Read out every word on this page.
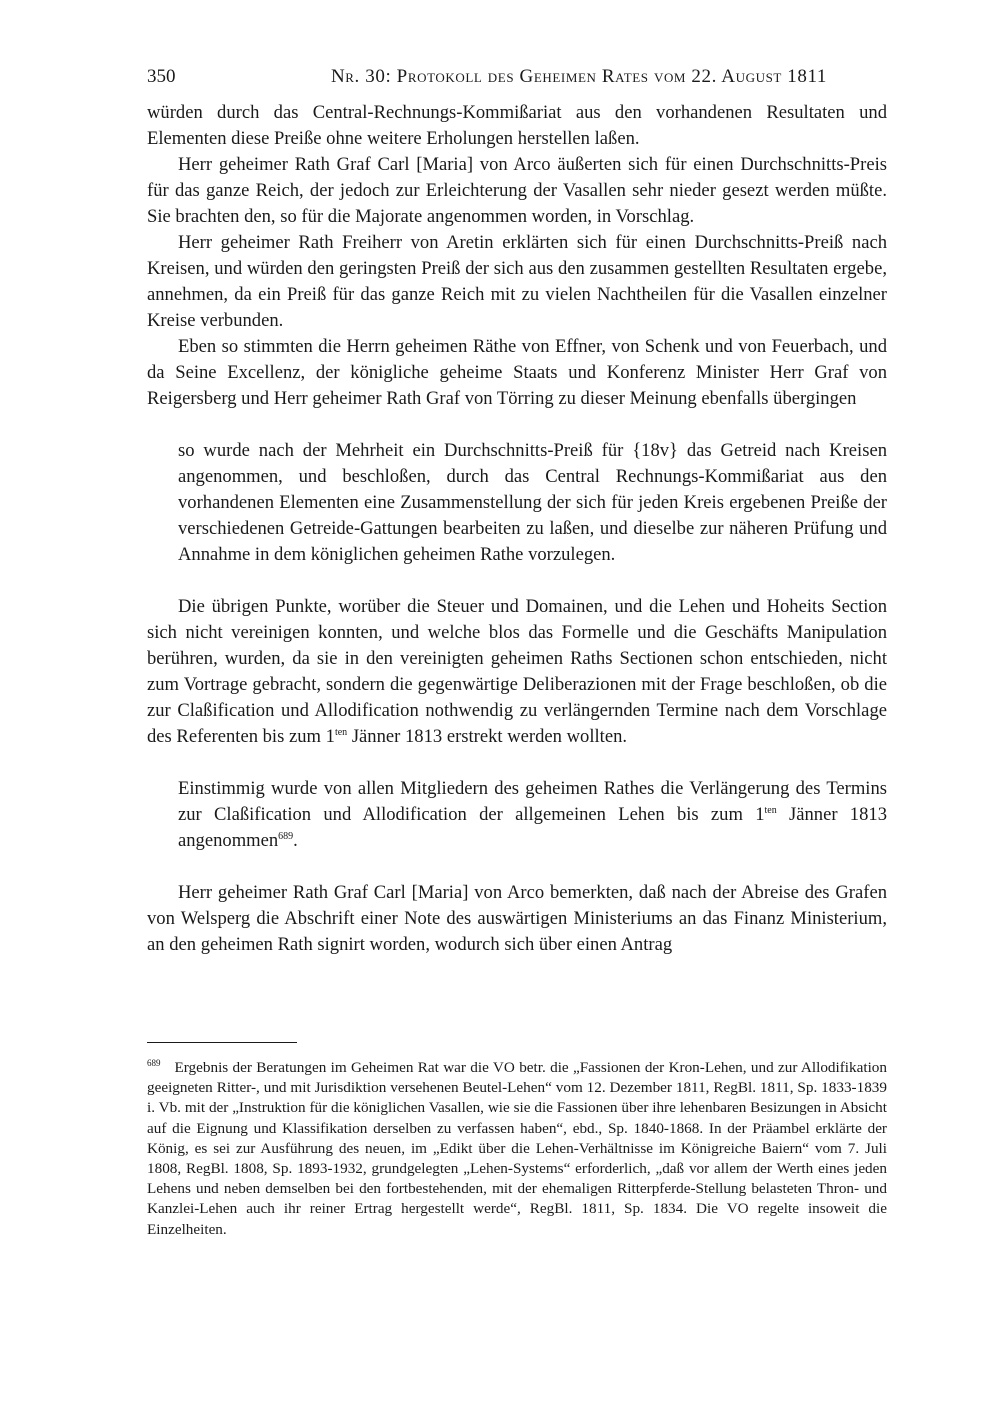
350	Nr. 30: Protokoll des Geheimen Rates vom 22. August 1811

würden durch das Central-Rechnungs-Kommißariat aus den vorhandenen Resultaten und Elementen diese Preiße ohne weitere Erholungen herstellen laßen.

Herr geheimer Rath Graf Carl [Maria] von Arco äußerten sich für einen Durchschnitts-Preis für das ganze Reich, der jedoch zur Erleichterung der Vasallen sehr nieder gesezt werden müßte. Sie brachten den, so für die Majorate angenommen worden, in Vorschlag.

Herr geheimer Rath Freiherr von Aretin erklärten sich für einen Durchschnitts-Preiß nach Kreisen, und würden den geringsten Preiß der sich aus den zusammen gestellten Resultaten ergebe, annehmen, da ein Preiß für das ganze Reich mit zu vielen Nachtheilen für die Vasallen einzelner Kreise verbunden.

Eben so stimmten die Herrn geheimen Räthe von Effner, von Schenk und von Feuerbach, und da Seine Excellenz, der königliche geheime Staats und Konferenz Minister Herr Graf von Reigersberg und Herr geheimer Rath Graf von Törring zu dieser Meinung ebenfalls übergingen

so wurde nach der Mehrheit ein Durchschnitts-Preiß für {18v} das Getreid nach Kreisen angenommen, und beschloßen, durch das Central Rechnungs-Kommißariat aus den vorhandenen Elementen eine Zusammenstellung der sich für jeden Kreis ergebenen Preiße der verschiedenen Getreide-Gattungen bearbeiten zu laßen, und dieselbe zur näheren Prüfung und Annahme in dem königlichen geheimen Rathe vorzulegen.

Die übrigen Punkte, worüber die Steuer und Domainen, und die Lehen und Hoheits Section sich nicht vereinigen konnten, und welche blos das Formelle und die Geschäfts Manipulation berühren, wurden, da sie in den vereinigten geheimen Raths Sectionen schon entschieden, nicht zum Vortrage gebracht, sondern die gegenwärtige Deliberazionen mit der Frage beschloßen, ob die zur Claßification und Allodification nothwendig zu verlängernden Termine nach dem Vorschlage des Referenten bis zum $1^{ten}$ Jänner 1813 erstrekt werden wollten.

Einstimmig wurde von allen Mitgliedern des geheimen Rathes die Verlängerung des Termins zur Claßification und Allodification der allgemeinen Lehen bis zum $1^{ten}$ Jänner 1813 angenommen$^{689}$.

Herr geheimer Rath Graf Carl [Maria] von Arco bemerkten, daß nach der Abreise des Grafen von Welsperg die Abschrift einer Note des auswärtigen Ministeriums an das Finanz Ministerium, an den geheimen Rath signirt worden, wodurch sich über einen Antrag

$^{689}$ Ergebnis der Beratungen im Geheimen Rat war die VO betr. die „Fassionen der Kron-Lehen, und zur Allodifikation geeigneten Ritter-, und mit Jurisdiktion versehenen Beutel-Lehen“ vom 12. Dezember 1811, RegBl. 1811, Sp. 1833-1839 i. Vb. mit der „Instruktion für die königlichen Vasallen, wie sie die Fassionen über ihre lehenbaren Besizungen in Absicht auf die Eignung und Klassifikation derselben zu verfassen haben“, ebd., Sp. 1840-1868. In der Präambel erklärte der König, es sei zur Ausführung des neuen, im „Edikt über die Lehen-Verhältnisse im Königreiche Baiern“ vom 7. Juli 1808, RegBl. 1808, Sp. 1893-1932, grundgelegten „Lehen-Systems“ erforderlich, „daß vor allem der Werth eines jeden Lehens und neben demselben bei den fortbestehenden, mit der ehemaligen Ritterpferde-Stellung belasteten Thron- und Kanzlei-Lehen auch ihr reiner Ertrag hergestellt werde“, RegBl. 1811, Sp. 1834. Die VO regelte insoweit die Einzelheiten.
